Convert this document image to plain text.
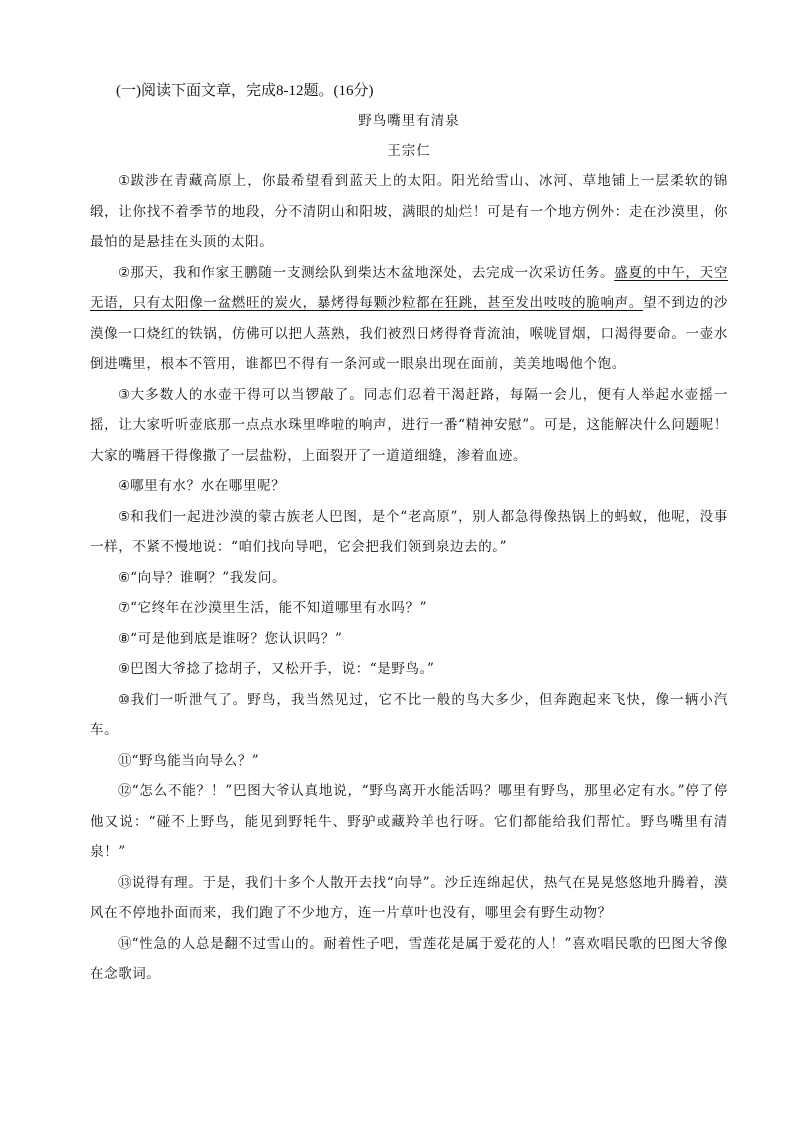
(一)阅读下面文章，完成8-12题。(16分)

野鸟嘴里有清泉

王宗仁

①跋涉在青藏高原上，你最希望看到蓝天上的太阳。阳光给雪山、冰河、草地铺上一层柔软的锦缎，让你找不着季节的地段，分不清阴山和阳坡，满眼的灿烂！可是有一个地方例外：走在沙漠里，你最怕的是悬挂在头顶的太阳。

②那天，我和作家王鹏随一支测绘队到柴达木盆地深处，去完成一次采访任务。盛夏的中午，天空无语，只有太阳像一盆燃旺的炭火，暴烤得每颗沙粒都在狂跳，甚至发出吱吱的脆响声。望不到边的沙漠像一口烧红的铁锅，仿佛可以把人蒸熟，我们被烈日烤得脊背流油，喉咙冒烟，口渴得要命。一壶水倒进嘴里，根本不管用，谁都巴不得有一条河或一眼泉出现在面前，美美地喝他个饱。

③大多数人的水壶干得可以当锣敲了。同志们忍着干渴赶路，每隔一会儿，便有人举起水壶摇一摇，让大家听听壶底那一点点水珠里哗啦的响声，进行一番“精神安慰”。可是，这能解决什么问题呢！大家的嘴唇干得像撒了一层盐粉，上面裂开了一道道细缝，渗着血迹。

④哪里有水？水在哪里呢？

⑤和我们一起进沙漠的蒙古族老人巴图，是个“老高原”，别人都急得像热锅上的蚂蚁，他呢，没事一样，不紧不慢地说：“咱们找向导吧，它会把我们领到泉边去的。”

⑥“向导？谁啊？”我发问。

⑦“它终年在沙漠里生活，能不知道哪里有水吗？”

⑧“可是他到底是谁呀？您认识吗？”

⑨巴图大爷捻了捻胡子，又松开手，说：“是野鸟。”

⑩我们一听泄气了。野鸟，我当然见过，它不比一般的鸟大多少，但奔跑起来飞快，像一辆小汽车。

⑪“野鸟能当向导么？”

⑫“怎么不能？！”巴图大爷认真地说，“野鸟离开水能活吗？哪里有野鸟，那里必定有水。”停了停他又说：“碰不上野鸟，能见到野牦牛、野驴或藏羚羊也行呀。它们都能给我们帮忙。野鸟嘴里有清泉！”

⑬说得有理。于是，我们十多个人散开去找“向导”。沙丘连绵起伏，热气在晃晃悠悠地升腾着，漠风在不停地扑面而来，我们跑了不少地方，连一片草叶也没有，哪里会有野生动物？

⑭“性急的人总是翻不过雪山的。耐着性子吧，雪莲花是属于爱花的人！”喜欢唱民歌的巴图大爷像在念歌词。
